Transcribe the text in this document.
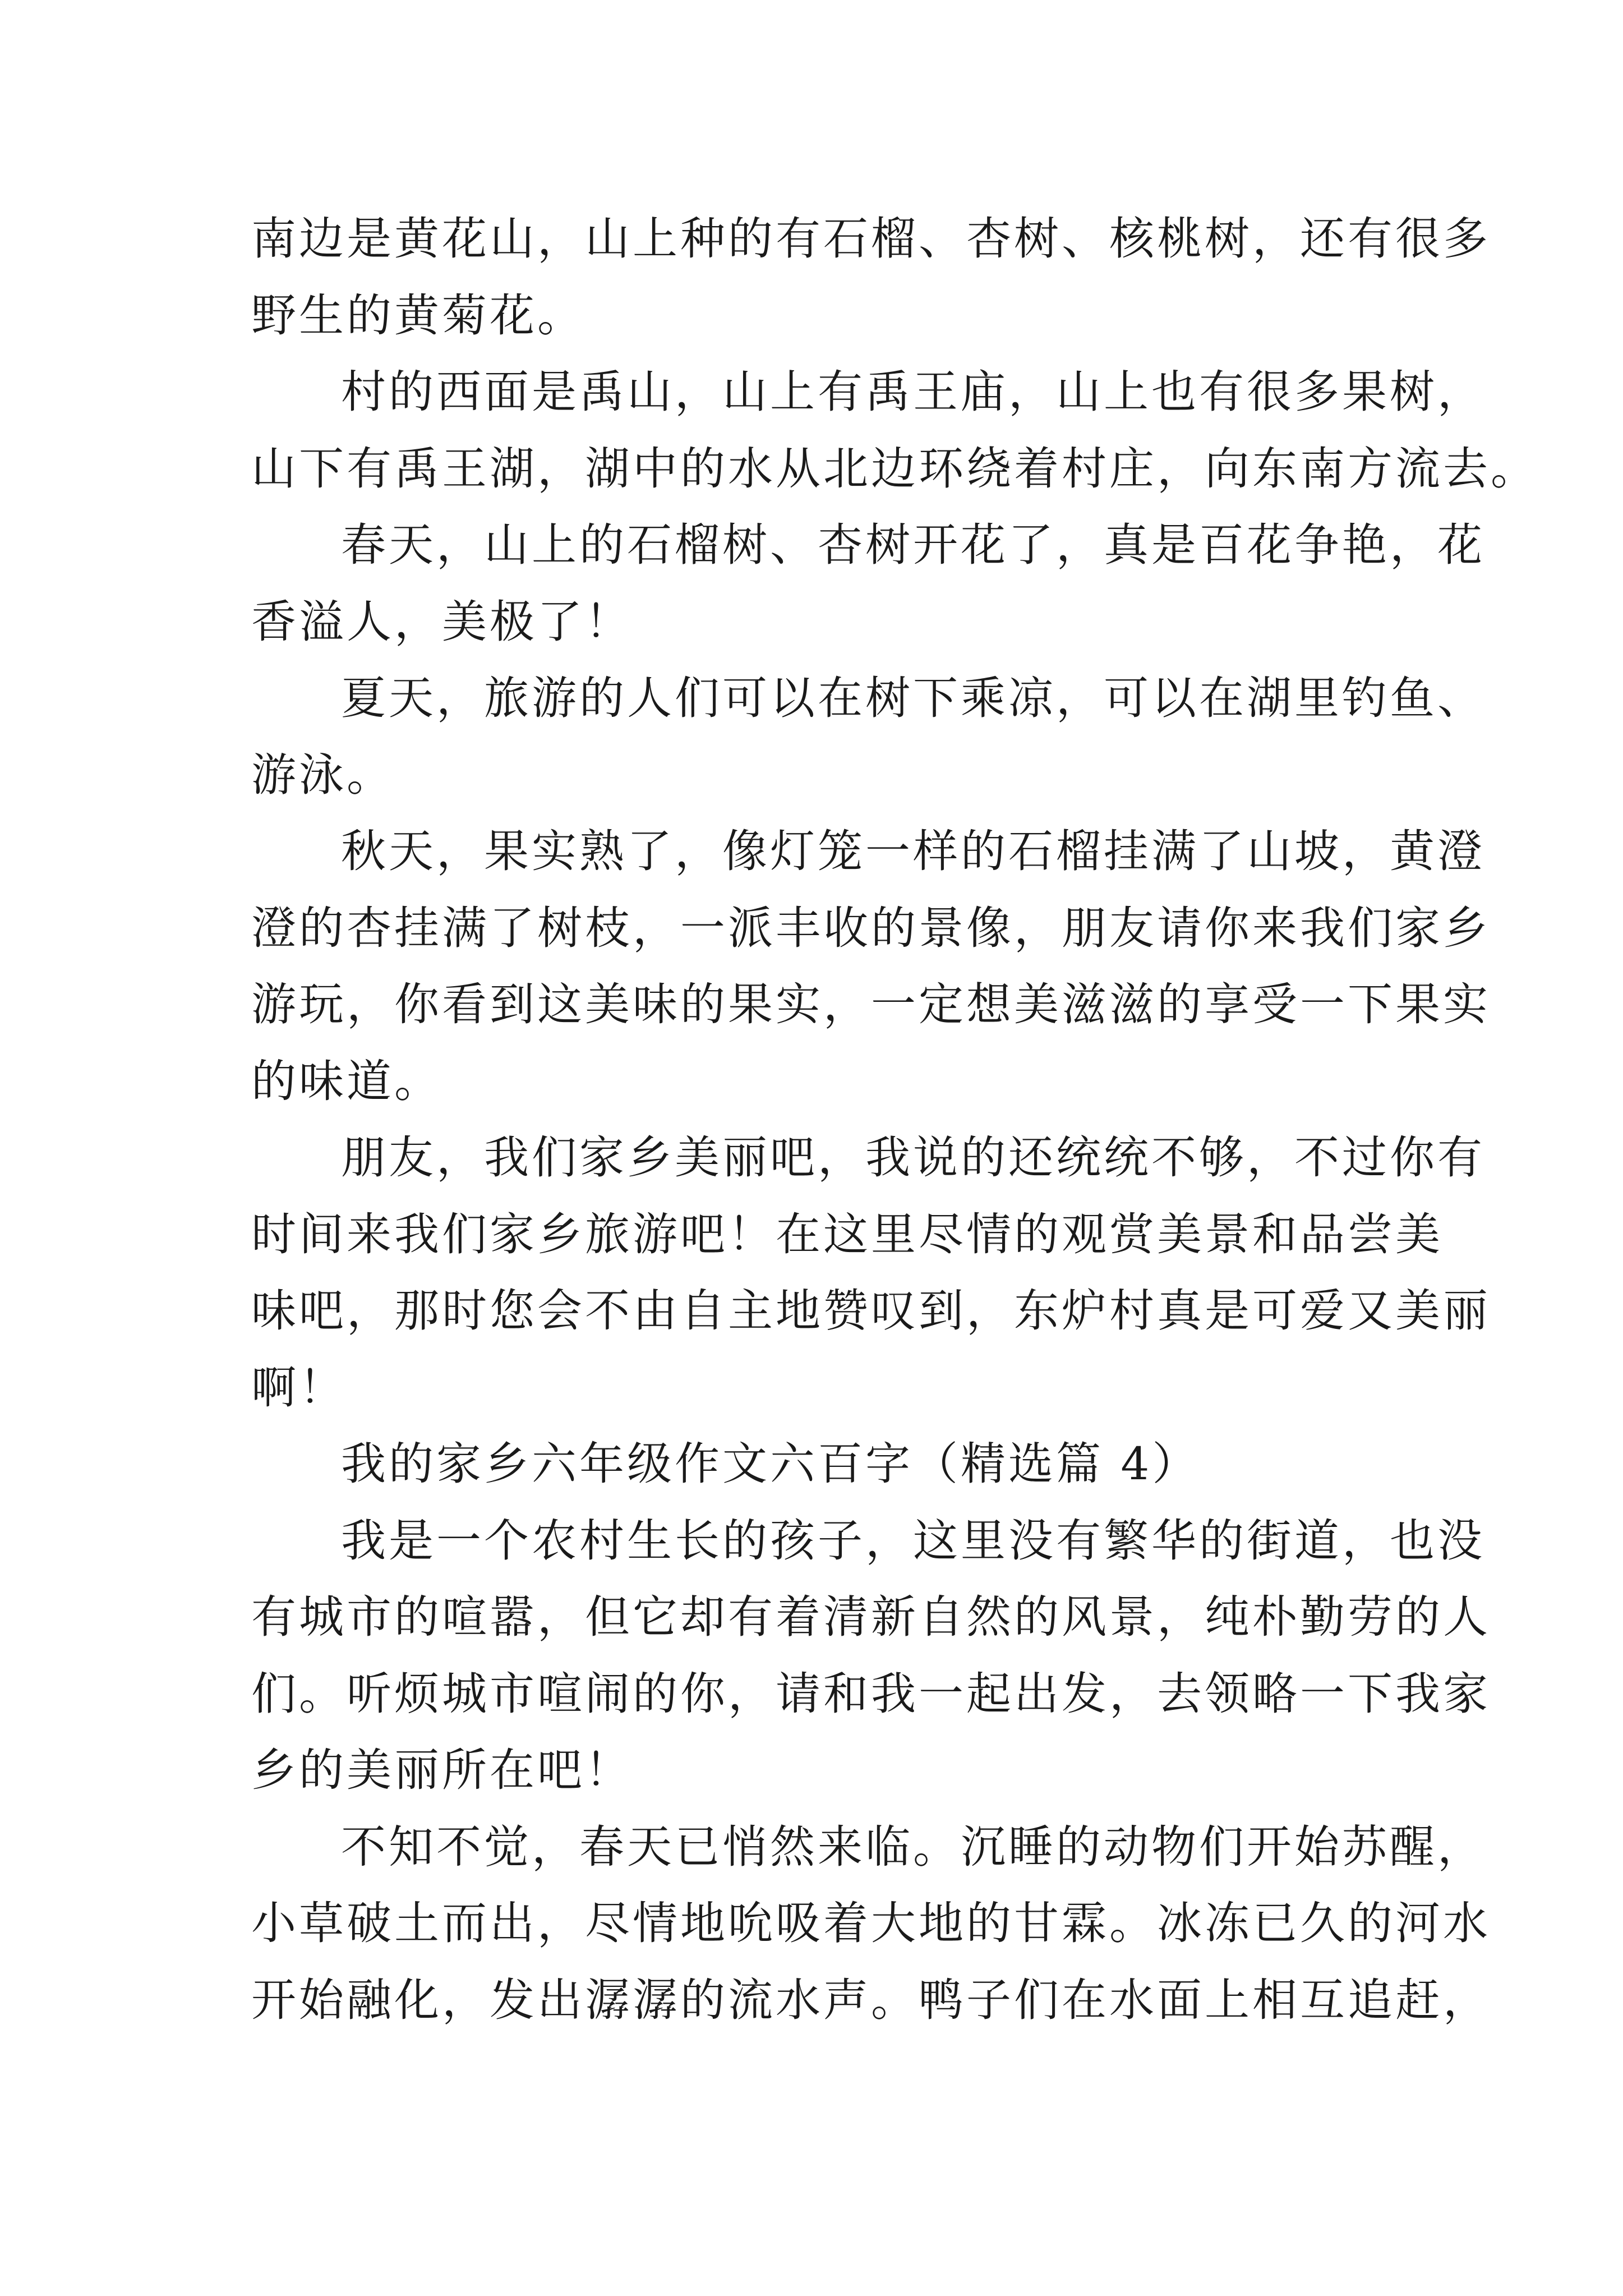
南边是黄花山，山上种的有石榴、杏树、核桃树，还有很多
野生的黄菊花。
村的西面是禹山，山上有禹王庙，山上也有很多果树，
山下有禹王湖，湖中的水从北边环绕着村庄，向东南方流去。
春天，山上的石榴树、杏树开花了，真是百花争艳，花
香溢人，美极了！
夏天，旅游的人们可以在树下乘凉，可以在湖里钓鱼、
游泳。
秋天，果实熟了，像灯笼一样的石榴挂满了山坡，黄澄
澄的杏挂满了树枝，一派丰收的景像，朋友请你来我们家乡
游玩，你看到这美味的果实，一定想美滋滋的享受一下果实
的味道。
朋友，我们家乡美丽吧，我说的还统统不够，不过你有
时间来我们家乡旅游吧！在这里尽情的观赏美景和品尝美
味吧，那时您会不由自主地赞叹到，东炉村真是可爱又美丽
啊！
我的家乡六年级作文六百字（精选篇 4）
我是一个农村生长的孩子，这里没有繁华的街道，也没
有城市的喧嚣，但它却有着清新自然的风景，纯朴勤劳的人
们。听烦城市喧闹的你，请和我一起出发，去领略一下我家
乡的美丽所在吧！
不知不觉，春天已悄然来临。沉睡的动物们开始苏醒，
小草破土而出，尽情地吮吸着大地的甘霖。冰冻已久的河水
开始融化，发出潺潺的流水声。鸭子们在水面上相互追赶，
